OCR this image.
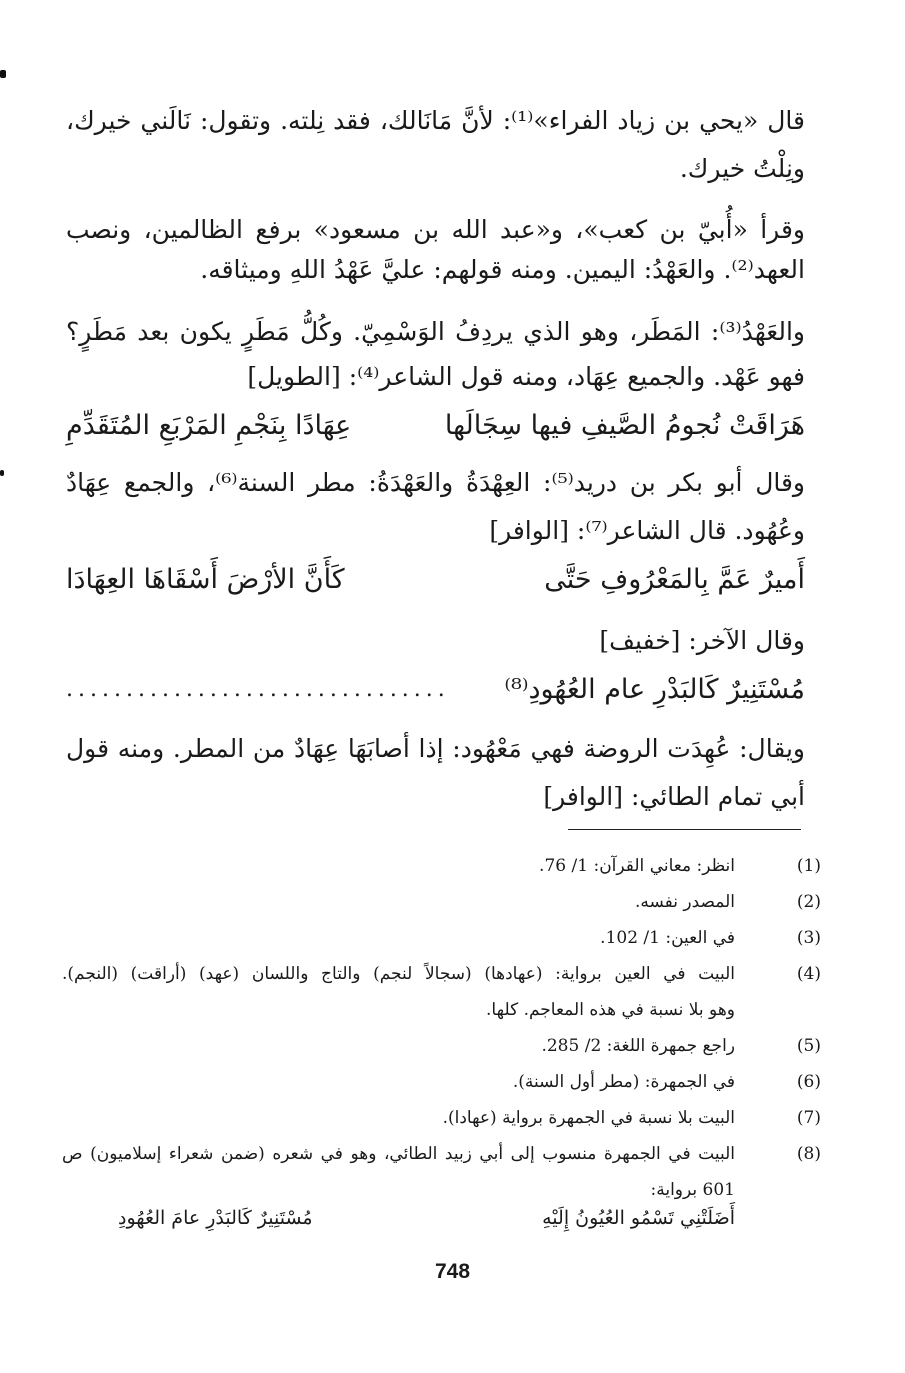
قال «يحي بن زياد الفراء»⁽¹⁾: لأنَّ مَانَالك، فقد نِلته. وتقول: نَالَني خيرك،
ونِلْتُ خيرك.
وقرأ «أُبيّ بن كعب»، و«عبد الله بن مسعود» برفع الظالمين، ونصب
العهد⁽²⁾. والعَهْدُ: اليمين. ومنه قولهم: عليَّ عَهْدُ اللهِ وميثاقه.
والعَهْدُ⁽³⁾: المَطَر، وهو الذي يردِفُ الوَسْمِيّ. وكُلُّ مَطَرٍ يكون بعد مَطَرٍ؟
فهو عَهْد. والجميع عِهَاد، ومنه قول الشاعر⁽⁴⁾: [الطويل]
هَرَاقَتْ نُجومُ الصَّيفِ فيها سِجَالَها
عِهَادًا بِنَجْمِ المَرْبَعِ المُتَقَدِّمِ
وقال أبو بكر بن دريد⁽⁵⁾: العِهْدَةُ والعَهْدَةُ: مطر السنة⁽⁶⁾، والجمع عِهَادٌ
وعُهُود. قال الشاعر⁽⁷⁾: [الوافر]
أَميرٌ عَمَّ بِالمَعْرُوفِ حَتَّى
كَأَنَّ الأرْضَ أَسْقَاهَا العِهَادَا
وقال الآخر: [خفيف]
مُسْتَنِيرٌ كَالبَدْرِ عام العُهُودِ⁽⁸⁾
................................
ويقال: عُهِدَت الروضة فهي مَعْهُود: إذا أصابَهَا عِهَادٌ من المطر. ومنه قول
أبي تمام الطائي: [الوافر]
(1)
انظر: معاني القرآن: 1/ 76.
(2)
المصدر نفسه.
(3)
في العين: 1/ 102.
(4)
البيت في العين برواية: (عهادها) (سجالاً لنجم) والتاج واللسان (عهد) (أراقت) (النجم).
وهو بلا نسبة في هذه المعاجم. كلها.
(5)
راجع جمهرة اللغة: 2/ 285.
(6)
في الجمهرة: (مطر أول السنة).
(7)
البيت بلا نسبة في الجمهرة برواية (عهادا).
(8)
البيت في الجمهرة منسوب إلى أبي زبيد الطائي، وهو في شعره (ضمن شعراء إسلاميون) ص
601 برواية:
أَضَلَتْنِي تَسْمُو العُيُونُ إِلَيْهِ
مُسْتَنِيرٌ كَالبَدْرِ عامَ العُهُودِ
748
